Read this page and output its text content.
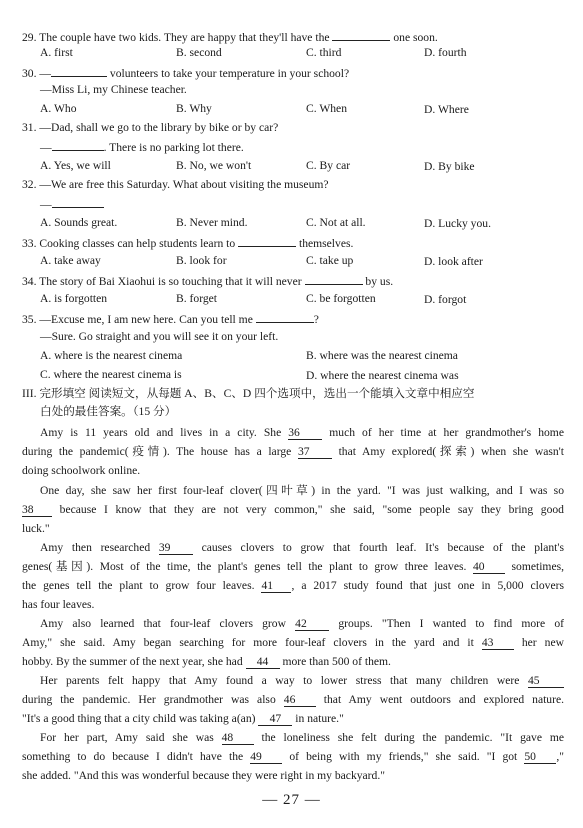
29. The couple have two kids. They are happy that they'll have the	one soon.
A. first	B. second	C. third	D. fourth
30. —	volunteers to take your temperature in your school?
—Miss Li, my Chinese teacher.
A. Who	B. Why	C. When	D. Where
31. —Dad, shall we go to the library by bike or by car?
—	. There is no parking lot there.
A. Yes, we will	B. No, we won't	C. By car	D. By bike
32. —We are free this Saturday. What about visiting the museum?
—
A. Sounds great.	B. Never mind.	C. Not at all.	D. Lucky you.
33. Cooking classes can help students learn to	themselves.
A. take away	B. look for	C. take up	D. look after
34. The story of Bai Xiaohui is so touching that it will never	by us.
A. is forgotten	B. forget	C. be forgotten	D. forgot
35. —Excuse me, I am new here. Can you tell me	?
—Sure. Go straight and you will see it on your left.
A. where is the nearest cinema	B. where was the nearest cinema
C. where the nearest cinema is	D. where the nearest cinema was
III. 完形填空 阅读短文，从每题 A、B、C、D 四个选项中，选出一个能填入文章中相应空
白处的最佳答案。（15 分）
Amy is 11 years old and lives in a city. She 36	much of her time at her grandmother's home
during the pandemic(疫情). The house has a large 37	that Amy explored(探索) when she wasn't
doing schoolwork online.
One day, she saw her first four-leaf clover(四叶草) in the yard. "I was just walking, and I was so
38 because I know that they are not very common," she said, "some people say they bring good
luck."
Amy then researched 39	causes clovers to grow that fourth leaf. It's because of the plant's
genes(基因). Most of the time, the plant's genes tell the plant to grow three leaves. 40 sometimes,
the genes tell the plant to grow four leaves. 41 , a 2017 study found that just one in 5,000 clovers
has four leaves.
Amy also learned that four-leaf clovers grow 42	groups. "Then I wanted to find more of
Amy," she said. Amy began searching for more four-leaf clovers in the yard and it 43 her new
hobby. By the summer of the next year, she had 44 more than 500 of them.
Her parents felt happy that Amy found a way to lower stress that many children were 45
during the pandemic. Her grandmother was also 46 that Amy went outdoors and explored nature.
"It's a good thing that a city child was taking a(an) 47 in nature."
For her part, Amy said she was 48 the loneliness she felt during the pandemic. "It gave me
something to do because I didn't have the 49 of being with my friends," she said. "I got 50 ,"
she added. "And this was wonderful because they were right in my backyard."
— 27 —
